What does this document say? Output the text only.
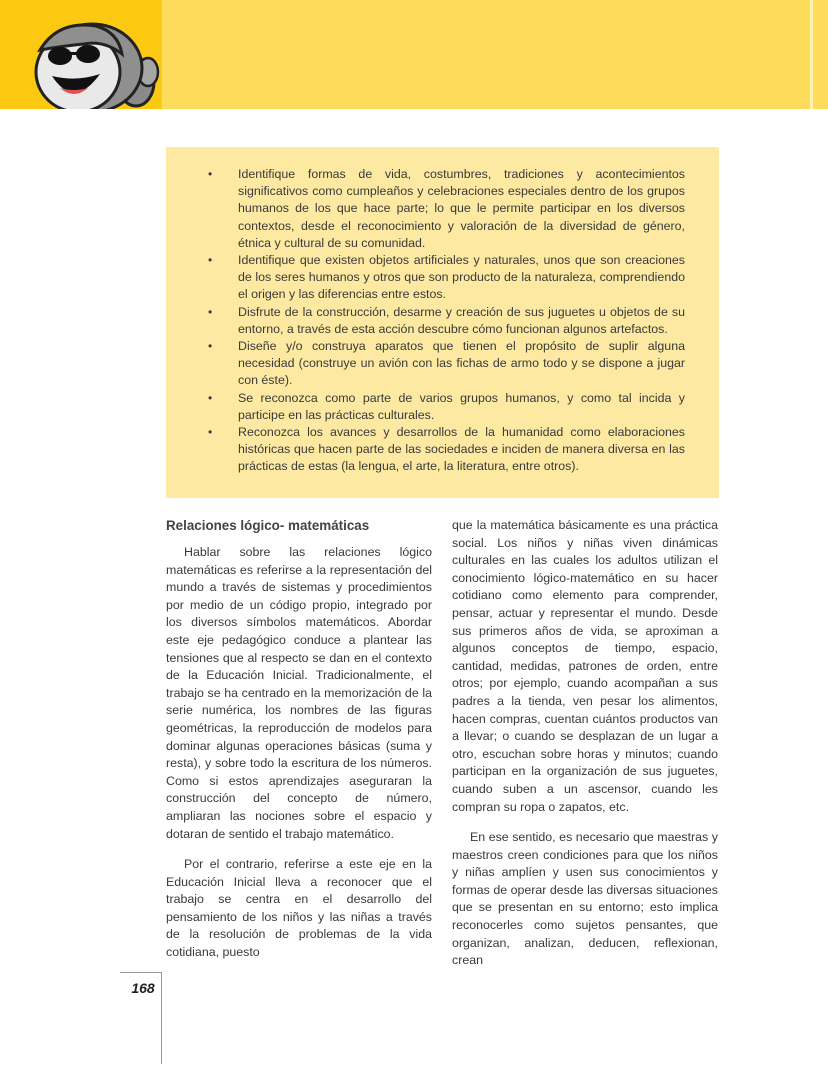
• Identifique formas de vida, costumbres, tradiciones y acontecimientos significativos como cumpleaños y celebraciones especiales dentro de los grupos humanos de los que hace parte; lo que le permite participar en los diversos contextos, desde el reconocimiento y valoración de la diversidad de género, étnica y cultural de su comunidad.
• Identifique que existen objetos artificiales y naturales, unos que son creaciones de los seres humanos y otros que son producto de la naturaleza, comprendiendo el origen y las diferencias entre estos.
• Disfrute de la construcción, desarme y creación de sus juguetes u objetos de su entorno, a través de esta acción descubre cómo funcionan algunos artefactos.
• Diseñe y/o construya aparatos que tienen el propósito de suplir alguna necesidad (construye un avión con las fichas de armo todo y se dispone a jugar con éste).
• Se reconozca como parte de varios grupos humanos, y como tal incida y participe en las prácticas culturales.
• Reconozca los avances y desarrollos de la humanidad como elaboraciones históricas que hacen parte de las sociedades e inciden de manera diversa en las prácticas de estas (la lengua, el arte, la literatura, entre otros).
Relaciones lógico- matemáticas

Hablar sobre las relaciones lógico matemáticas es referirse a la representación del mundo a través de sistemas y procedimientos por medio de un código propio, integrado por los diversos símbolos matemáticos. Abordar este eje pedagógico conduce a plantear las tensiones que al respecto se dan en el contexto de la Educación Inicial. Tradicionalmente, el trabajo se ha centrado en la memorización de la serie numérica, los nombres de las figuras geométricas, la reproducción de modelos para dominar algunas operaciones básicas (suma y resta), y sobre todo la escritura de los números. Como si estos aprendizajes aseguraran la construcción del concepto de número, ampliaran las nociones sobre el espacio y dotaran de sentido el trabajo matemático.

Por el contrario, referirse a este eje en la Educación Inicial lleva a reconocer que el trabajo se centra en el desarrollo del pensamiento de los niños y las niñas a través de la resolución de problemas de la vida cotidiana, puesto

que la matemática básicamente es una práctica social. Los niños y niñas viven dinámicas culturales en las cuales los adultos utilizan el conocimiento lógico-matemático en su hacer cotidiano como elemento para comprender, pensar, actuar y representar el mundo. Desde sus primeros años de vida, se aproximan a algunos conceptos de tiempo, espacio, cantidad, medidas, patrones de orden, entre otros; por ejemplo, cuando acompañan a sus padres a la tienda, ven pesar los alimentos, hacen compras, cuentan cuántos productos van a llevar; o cuando se desplazan de un lugar a otro, escuchan sobre horas y minutos; cuando participan en la organización de sus juguetes, cuando suben a un ascensor, cuando les compran su ropa o zapatos, etc.

En ese sentido, es necesario que maestras y maestros creen condiciones para que los niños y niñas amplíen y usen sus conocimientos y formas de operar desde las diversas situaciones que se presentan en su entorno; esto implica reconocerles como sujetos pensantes, que organizan, analizan, deducen, reflexionan, crean

168
